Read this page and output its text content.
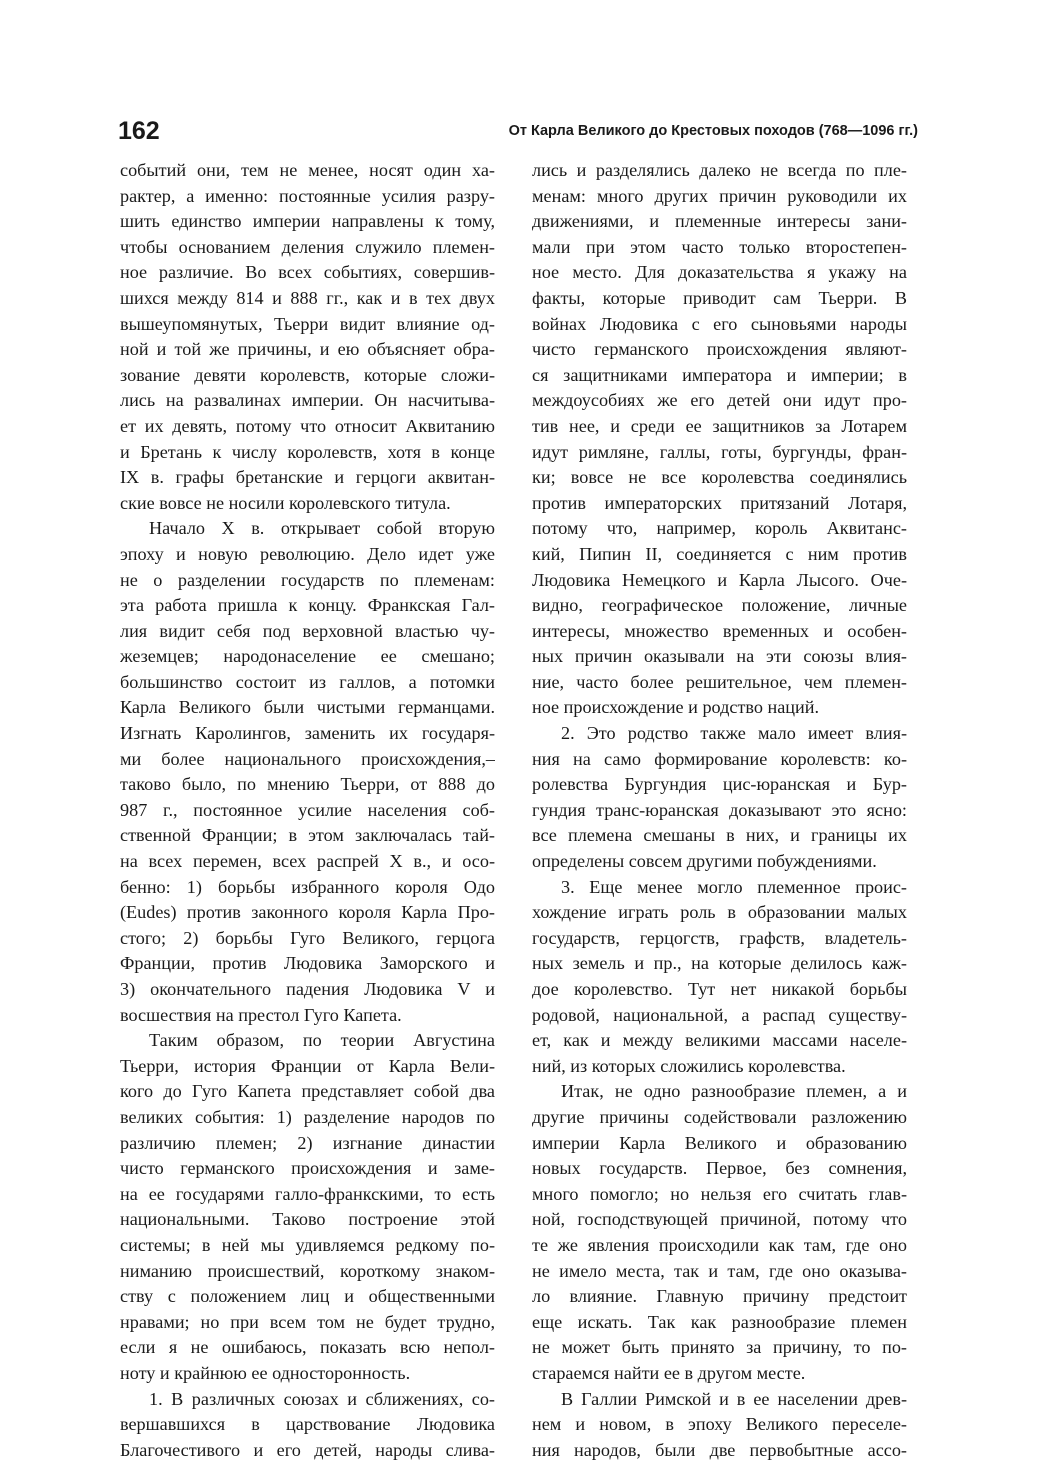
162	От Карла Великого до Крестовых походов (768—1096 гг.)
событий они, тем не менее, носят один ха-
рактер, а именно: постоянные усилия разру-
шить единство империи направлены к тому,
чтобы основанием деления служило племен-
ное различие. Во всех событиях, совершив-
шихся между 814 и 888 гг., как и в тех двух
вышеупомянутых, Тьерри видит влияние од-
ной и той же причины, и ею объясняет обра-
зование девяти королевств, которые сложи-
лись на развалинах империи. Он насчитыва-
ет их девять, потому что относит Аквитанию
и Бретань к числу королевств, хотя в конце
IX в. графы бретанские и герцоги аквитан-
ские вовсе не носили королевского титула.
Начало X в. открывает собой вторую
эпоху и новую революцию. Дело идет уже
не о разделении государств по племенам:
эта работа пришла к концу. Франкская Гал-
лия видит себя под верховной властью чу-
жеземцев; народонаселение ее смешано;
большинство состоит из галлов, а потомки
Карла Великого были чистыми германцами.
Изгнать Каролингов, заменить их государя-
ми более национального происхождения,–
таково было, по мнению Тьерри, от 888 до
987 г., постоянное усилие населения соб-
ственной Франции; в этом заключалась тай-
на всех перемен, всех распрей X в., и осо-
бенно: 1) борьбы избранного короля Одо
(Eudes) против законного короля Карла Про-
стого; 2) борьбы Гуго Великого, герцога
Франции, против Людовика Заморского и
3) окончательного падения Людовика V и
восшествия на престол Гуго Капета.
Таким образом, по теории Августина
Тьерри, история Франции от Карла Вели-
кого до Гуго Капета представляет собой два
великих события: 1) разделение народов по
различию племен; 2) изгнание династии
чисто германского происхождения и заме-
на ее государями галло-франкскими, то есть
национальными. Таково построение этой
системы; в ней мы удивляемся редкому по-
ниманию происшествий, короткому знаком-
ству с положением лиц и общественными
нравами; но при всем том не будет трудно,
если я не ошибаюсь, показать всю непол-
ноту и крайнюю ее односторонность.
1. В различных союзах и сближениях, со-
вершавшихся в царствование Людовика
Благочестивого и его детей, народы слива-
лись и разделялись далеко не всегда по пле-
менам: много других причин руководили их
движениями, и племенные интересы зани-
мали при этом часто только второстепен-
ное место. Для доказательства я укажу на
факты, которые приводит сам Тьерри. В
войнах Людовика с его сыновьями народы
чисто германского происхождения являют-
ся защитниками императора и империи; в
междоусобиях же его детей они идут про-
тив нее, и среди ее защитников за Лотарем
идут римляне, галлы, готы, бургунды, фран-
ки; вовсе не все королевства соединялись
против императорских притязаний Лотаря,
потому что, например, король Аквитанс-
кий, Пипин II, соединяется с ним против
Людовика Немецкого и Карла Лысого. Оче-
видно, географическое положение, личные
интересы, множество временных и особен-
ных причин оказывали на эти союзы влия-
ние, часто более решительное, чем племен-
ное происхождение и родство наций.
2. Это родство также мало имеет влия-
ния на само формирование королевств: ко-
ролевства Бургундия цис-юранская и Бур-
гундия транс-юранская доказывают это ясно:
все племена смешаны в них, и границы их
определены совсем другими побуждениями.
3. Еще менее могло племенное проис-
хождение играть роль в образовании малых
государств, герцогств, графств, владетель-
ных земель и пр., на которые делилось каж-
дое королевство. Тут нет никакой борьбы
родовой, национальной, а распад существу-
ет, как и между великими массами населе-
ний, из которых сложились королевства.
Итак, не одно разнообразие племен, а и
другие причины содействовали разложению
империи Карла Великого и образованию
новых государств. Первое, без сомнения,
много помогло; но нельзя его считать глав-
ной, господствующей причиной, потому что
те же явления происходили как там, где оно
не имело места, так и там, где оно оказыва-
ло влияние. Главную причину предстоит
еще искать. Так как разнообразие племен
не может быть принято за причину, то по-
стараемся найти ее в другом месте.
В Галлии Римской и в ее населении древ-
нем и новом, в эпоху Великого переселе-
ния народов, были две первобытные ассо-
